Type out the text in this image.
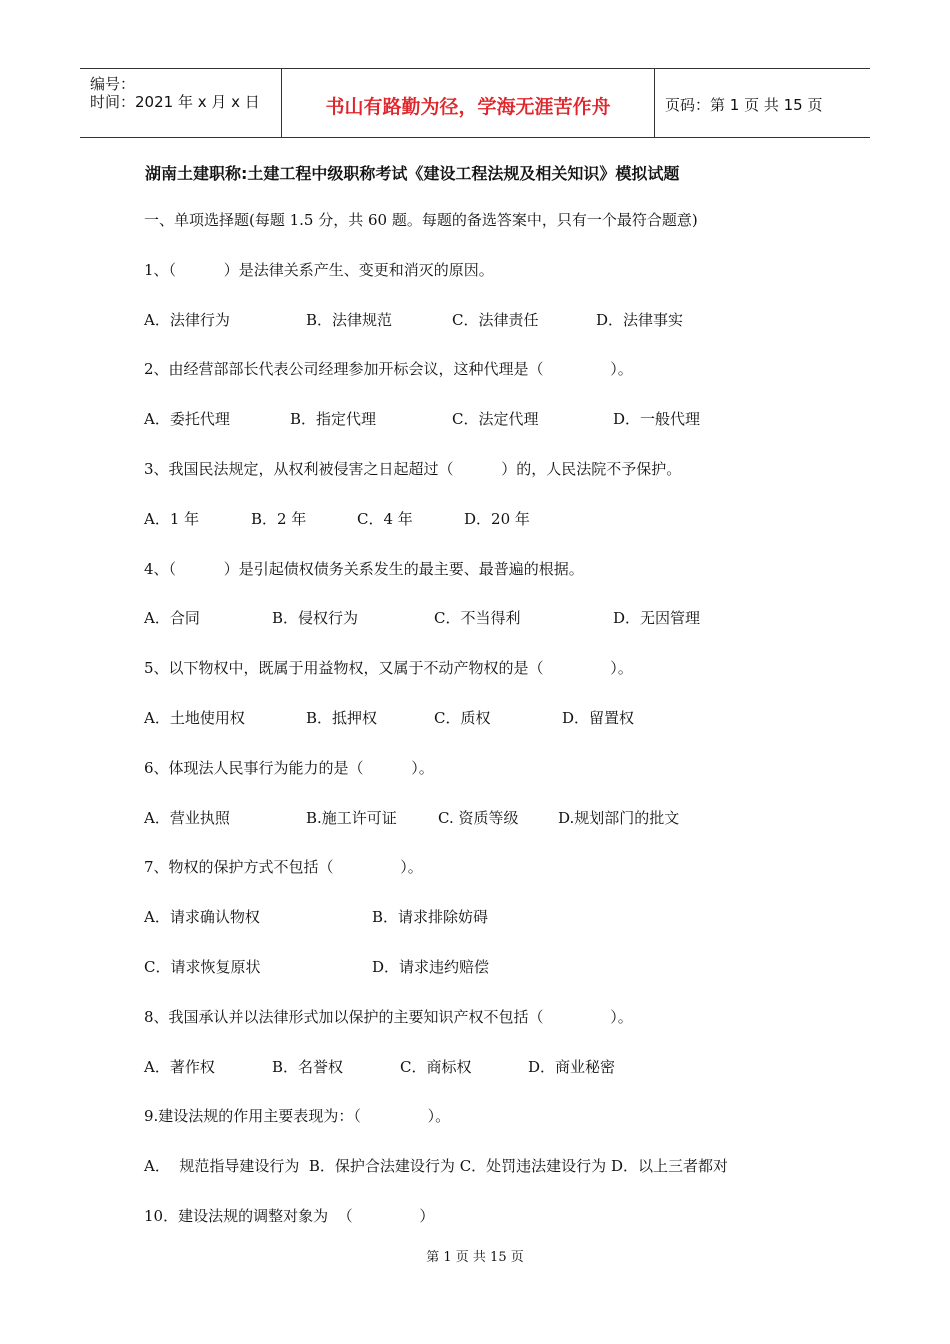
编号：
时间：2021 年 x 月 x 日	书山有路勤为径，学海无涯苦作舟	页码：第 1 页 共 15 页
湖南土建职称:土建工程中级职称考试《建设工程法规及相关知识》模拟试题
一、单项选择题(每题 1.5 分，共 60 题。每题的备选答案中，只有一个最符合题意)
1、（          ）是法律关系产生、变更和消灭的原因。

A．法律行为

	B．法律规范

	C．法律责任

	D．法律事实

2、由经营部部长代表公司经理参加开标会议，这种代理是（              ）。

A．委托代理

	B．指定代理

	C．法定代理

	D．一般代理

3、我国民法规定，从权利被侵害之日起超过（          ）的，人民法院不予保护。

A．1 年

	B．2 年

	C．4 年

	D．20 年

4、（          ）是引起债权债务关系发生的最主要、最普遍的根据。

A．合同

	B．侵权行为

	C．不当得利

	D．无因管理

5、以下物权中，既属于用益物权，又属于不动产物权的是（              ）。

A．土地使用权

	B．抵押权

	C．质权

	D．留置权

6、体现法人民事行为能力的是（          ）。

A．营业执照

	B.施工许可证

	C. 资质等级

	D.规划部门的批文

7、物权的保护方式不包括（              ）。

A．请求确认物权

	B．请求排除妨碍

C．请求恢复原状

	D．请求违约赔偿

8、我国承认并以法律形式加以保护的主要知识产权不包括（              ）。

A．著作权

	B．名誉权

	C．商标权

	D．商业秘密

9.建设法规的作用主要表现为：（              ）。
A．  规范指导建设行为  B．保护合法建设行为 C．处罚违法建设行为 D．以上三者都对
10．建设法规的调整对象为  （              ）
第 1 页 共 15 页
